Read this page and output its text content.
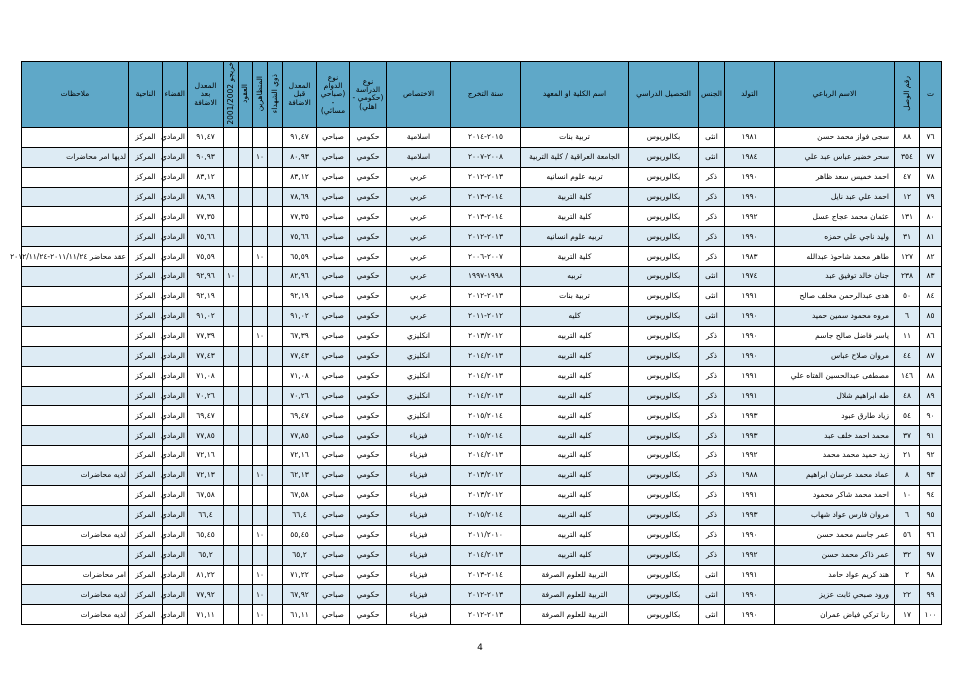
ت	رقم الوصل	الاسم الرباعي	التولد	الجنس	التحصيل الدراسي	اسم الكلية او المعهد	سنة التخرج	الاختصاص	نوع الدراسة (حكومي - اهلي)	نوع الدوام (صباحي - مسائي)	المعدل قبل الاضافة	ذوي الشهداء	المتظاهرين	العقود	خريجو 2001/2002	المعدل بعد الاضافة	القضاء	الناحية	ملاحظات
٧٦	٨٨	سجى فواز محمد حسن	١٩٨١	انثى	بكالوريوس	تربية بنات	٢٠١٥-٢٠١٤	اسلامية	حكومي	صباحي	٩١,٤٧					٩١,٤٧	الرمادي	المركز	
٧٧	٣٥٤	سحر خضير عباس عبد علي	١٩٨٤	انثى	بكالوريوس	الجامعة العراقية / كلية التربية	٢٠٠٨-٢٠٠٧	اسلامية	حكومي	صباحي	٨٠,٩٣		١٠			٩٠,٩٣	الرمادي	المركز	لديها امر محاضرات
٧٨	٤٧	احمد خميس سعد ظاهر	١٩٩٠	ذكر	بكالوريوس	تربيه علوم انسانيه	٢٠١٣-٢٠١٢	عربي	حكومي	صباحي	٨٣,١٢					٨٣,١٢	الرمادي	المركز	
٧٩	١٢	احمد علي عبد نايل	١٩٩٠	ذكر	بكالوريوس	كلية التربية	٢٠١٤-٢٠١٣	عربي	حكومي	صباحي	٧٨,٦٩					٧٨,٦٩	الرمادي	المركز	
٨٠	١٣١	عثمان محمد عجاج عسل	١٩٩٢	ذكر	بكالوريوس	كلية التربية	٢٠١٤-٢٠١٣	عربي	حكومي	صباحي	٧٧,٣٥					٧٧,٣٥	الرمادي	المركز	
٨١	٣١	وليد ناجي علي حمزه	١٩٩٠	ذكر	بكالوريوس	تربيه علوم انسانيه	٢٠١٣-٢٠١٢	عربي	حكومي	صباحي	٧٥,٦٦					٧٥,٦٦	الرمادي	المركز	
٨٢	١٢٧	طاهر محمد شاحوذ عبدالله	١٩٨٣	ذكر	بكالوريوس	كلية التربية	٢٠٠٧-٢٠٠٦	عربي	حكومي	صباحي	٦٥,٥٩		١٠			٧٥,٥٩	الرمادي	المركز	عقد محاضر ٢٠١١/١١/٢٤-٢٠١٢/١١/٢٤
٨٣	٢٣٨	جنان خالد توفيق عبد	١٩٧٤	انثى	بكالوريوس	تربيه	١٩٩٨-١٩٩٧	عربي	حكومي	صباحي	٨٢,٩٦				١٠	٩٢,٩٦	الرمادي	المركز	
٨٤	٥٠	هدى عبدالرحمن مخلف صالح	١٩٩١	انثى	بكالوريوس	تربية بنات	٢٠١٣-٢٠١٢	عربي	حكومي	صباحي	٩٢,١٩					٩٢,١٩	الرمادي	المركز	
٨٥	٦	مروه محمود سمين حميد	١٩٩٠	انثى	بكالوريوس	كليه	٢٠١٢-٢٠١١	عربي	حكومي	صباحي	٩١,٠٢					٩١,٠٢	الرمادي	المركز	
٨٦	١١	ياسر فاضل صالح جاسم	١٩٩٠	ذكر	بكالوريوس	كليه التربيه	٢٠١٣/٢٠١٢	انكليزي	حكومي	صباحي	٦٧,٣٩		١٠			٧٧,٣٩	الرمادي	المركز	
٨٧	٤٤	مروان صلاح عباس	١٩٩٠	ذكر	بكالوريوس	كليه التربيه	٢٠١٤/٢٠١٣	انكليزي	حكومي	صباحي	٧٧,٤٣					٧٧,٤٣	الرمادي	المركز	
٨٨	١٤٦	مصطفى عبدالحسين الفتاه علي	١٩٩١	ذكر	بكالوريوس	كليه التربيه	٢٠١٤/٢٠١٣	انكليزي	حكومي	صباحي	٧١,٠٨					٧١,٠٨	الرمادي	المركز	
٨٩	٤٨	طه ابراهيم شلال	١٩٩١	ذكر	بكالوريوس	كليه التربيه	٢٠١٤/٢٠١٣	انكليزي	حكومي	صباحي	٧٠,٢٦					٧٠,٢٦	الرمادي	المركز	
٩٠	٥٤	زياد طارق عبود	١٩٩٣	ذكر	بكالوريوس	كليه التربيه	٢٠١٥/٢٠١٤	انكليزي	حكومي	صباحي	٦٩,٤٧					٦٩,٤٧	الرمادي	المركز	
٩١	٣٧	محمد احمد خلف عبد	١٩٩٣	ذكر	بكالوريوس	كليه التربيه	٢٠١٥/٢٠١٤	فيزياء	حكومي	صباحي	٧٧,٨٥					٧٧,٨٥	الرمادي	المركز	
٩٢	٢١	زيد حميد محمد محمد	١٩٩٢	ذكر	بكالوريوس	كليه التربيه	٢٠١٤/٢٠١٣	فيزياء	حكومي	صباحي	٧٢,١٦					٧٢,١٦	الرمادي	المركز	
٩٣	٨	عماد محمد عرسان ابراهيم	١٩٨٨	ذكر	بكالوريوس	كليه التربيه	٢٠١٣/٢٠١٢	فيزياء	حكومي	صباحي	٦٢,١٣		١٠			٧٢,١٣	الرمادي	المركز	لديه محاضرات
٩٤	١٠	احمد محمد شاكر محمود	١٩٩١	ذكر	بكالوريوس	كليه التربيه	٢٠١٣/٢٠١٢	فيزياء	حكومي	صباحي	٦٧,٥٨					٦٧,٥٨	الرمادي	المركز	
٩٥	٦	مروان فارس عواد شهاب	١٩٩٣	ذكر	بكالوريوس	كليه التربيه	٢٠١٥/٢٠١٤	فيزياء	حكومي	صباحي	٦٦,٤					٦٦,٤	الرمادي	المركز	
٩٦	٥٦	عمر جاسم محمد حسن	١٩٩٠	ذكر	بكالوريوس	كليه التربيه	٢٠١١/٢٠١٠	فيزياء	حكومي	صباحي	٥٥,٤٥		١٠			٦٥,٤٥	الرمادي	المركز	لديه محاضرات
٩٧	٣٢	عمر ذاكر محمد حسن	١٩٩٢	ذكر	بكالوريوس	كليه التربيه	٢٠١٤/٢٠١٣	فيزياء	حكومي	صباحي	٦٥,٢					٦٥,٢	الرمادي	المركز	
٩٨	٢	هند كريم عواد حامد	١٩٩١	انثى	بكالوريوس	التربية للعلوم الصرفة	٢٠١٤-٢٠١٣	فيزياء	حكومي	صباحي	٧١,٢٢		١٠			٨١,٢٢	الرمادي	المركز	امر محاضرات
٩٩	٢٢	ورود صبحي ثابت عزيز	١٩٩٠	انثى	بكالوريوس	التربية للعلوم الصرفة	٢٠١٣-٢٠١٢	فيزياء	حكومي	صباحي	٦٧,٩٢		١٠			٧٧,٩٢	الرمادي	المركز	لديه محاضرات
١٠٠	١٧	رنا تركي فياض عمران	١٩٩٠	انثى	بكالوريوس	التربية للعلوم الصرفة	٢٠١٣-٢٠١٢	فيزياء	حكومي	صباحي	٦١,١١		١٠			٧١,١١	الرمادي	المركز	لديه محاضرات
4
